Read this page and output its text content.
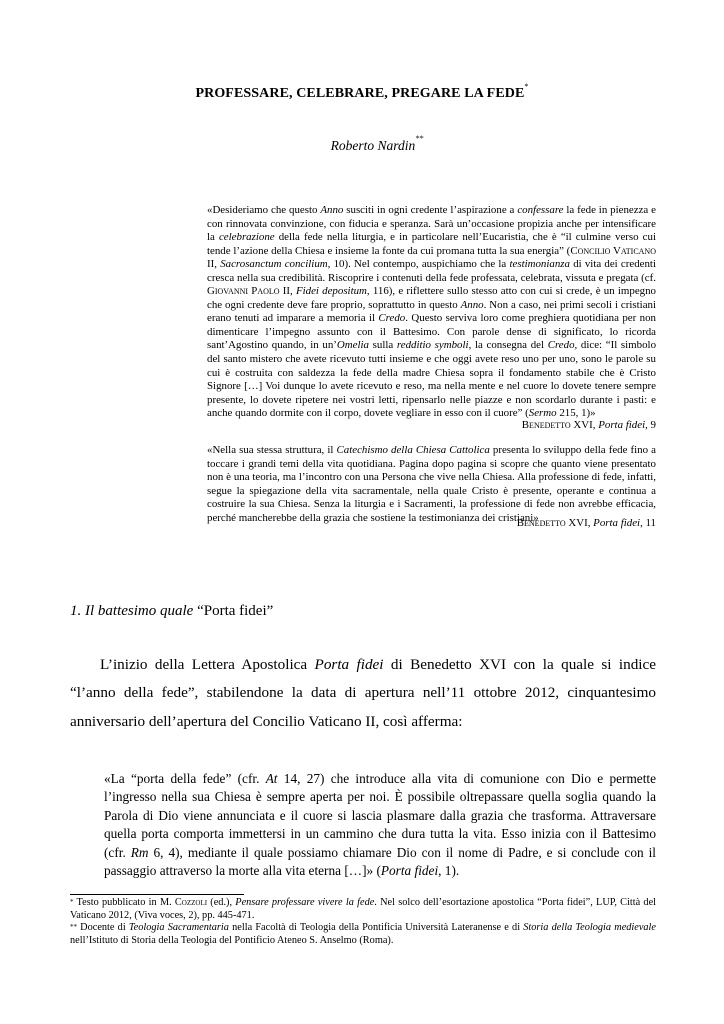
PROFESSARE, CELEBRARE, PREGARE LA FEDE*
Roberto Nardin**
«Desideriamo che questo Anno susciti in ogni credente l’aspirazione a confessare la fede in pienezza e con rinnovata convinzione, con fiducia e speranza. Sarà un’occasione propizia anche per intensificare la celebrazione della fede nella liturgia, e in particolare nell’Eucaristia, che è “il culmine verso cui tende l’azione della Chiesa e insieme la fonte da cui promana tutta la sua energia” (Concilio Vaticano II, Sacrosanctum concilium, 10). Nel contempo, auspichiamo che la testimonianza di vita dei credenti cresca nella sua credibilità. Riscoprire i contenuti della fede professata, celebrata, vissuta e pregata (cf. Giovanni Paolo II, Fidei depositum, 116), e riflettere sullo stesso atto con cui si crede, è un impegno che ogni credente deve fare proprio, soprattutto in questo Anno. Non a caso, nei primi secoli i cristiani erano tenuti ad imparare a memoria il Credo. Questo serviva loro come preghiera quotidiana per non dimenticare l’impegno assunto con il Battesimo. Con parole dense di significato, lo ricorda sant’Agostino quando, in un’Omelia sulla redditio symboli, la consegna del Credo, dice: “Il simbolo del santo mistero che avete ricevuto tutti insieme e che oggi avete reso uno per uno, sono le parole su cui è costruita con saldezza la fede della madre Chiesa sopra il fondamento stabile che è Cristo Signore […] Voi dunque lo avete ricevuto e reso, ma nella mente e nel cuore lo dovete tenere sempre presente, lo dovete ripetere nei vostri letti, ripensarlo nelle piazze e non scordarlo durante i pasti: e anche quando dormite con il corpo, dovete vegliare in esso con il cuore” (Sermo 215, 1)»
Benedetto XVI, Porta fidei, 9
«Nella sua stessa struttura, il Catechismo della Chiesa Cattolica presenta lo sviluppo della fede fino a toccare i grandi temi della vita quotidiana. Pagina dopo pagina si scopre che quanto viene presentato non è una teoria, ma l’incontro con una Persona che vive nella Chiesa. Alla professione di fede, infatti, segue la spiegazione della vita sacramentale, nella quale Cristo è presente, operante e continua a costruire la sua Chiesa. Senza la liturgia e i Sacramenti, la professione di fede non avrebbe efficacia, perché mancherebbe della grazia che sostiene la testimonianza dei cristiani»
Benedetto XVI, Porta fidei, 11
1. Il battesimo quale “Porta fidei”
L’inizio della Lettera Apostolica Porta fidei di Benedetto XVI con la quale si indice “l’anno della fede”, stabilendone la data di apertura nell’11 ottobre 2012, cinquantesimo anniversario dell’apertura del Concilio Vaticano II, così afferma:
«La “porta della fede” (cfr. At 14, 27) che introduce alla vita di comunione con Dio e permette l’ingresso nella sua Chiesa è sempre aperta per noi. È possibile oltrepassare quella soglia quando la Parola di Dio viene annunciata e il cuore si lascia plasmare dalla grazia che trasforma. Attraversare quella porta comporta immettersi in un cammino che dura tutta la vita. Esso inizia con il Battesimo (cfr. Rm 6, 4), mediante il quale possiamo chiamare Dio con il nome di Padre, e si conclude con il passaggio attraverso la morte alla vita eterna […]» (Porta fidei, 1).
* Testo pubblicato in M. Cozzoli (ed.), Pensare professare vivere la fede. Nel solco dell’esortazione apostolica “Porta fidei”, LUP, Città del Vaticano 2012, (Viva voces, 2), pp. 445-471.
** Docente di Teologia Sacramentaria nella Facoltà di Teologia della Pontificia Università Lateranense e di Storia della Teologia medievale nell’Istituto di Storia della Teologia del Pontificio Ateneo S. Anselmo (Roma).
